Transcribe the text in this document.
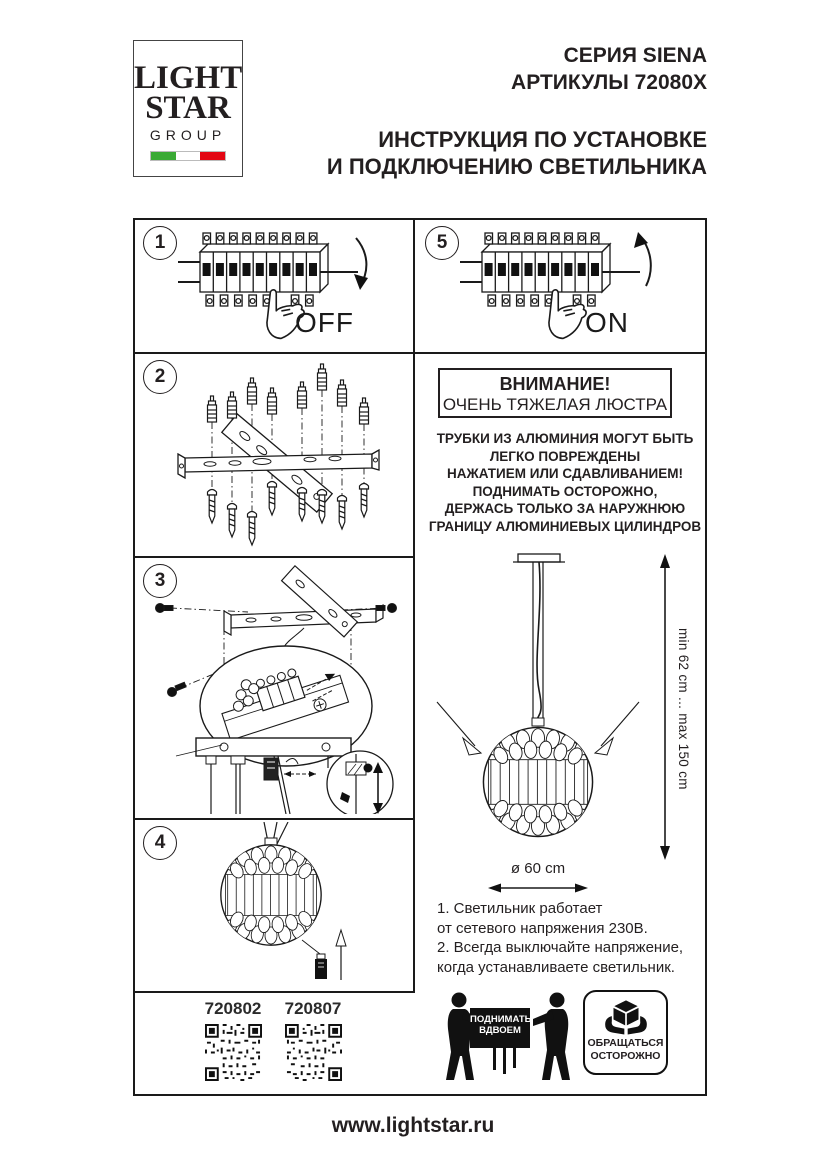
LIGHT
STAR
GROUP
СЕРИЯ SIENA
АРТИКУЛЫ 72080X
ИНСТРУКЦИЯ ПО УСТАНОВКЕ
И ПОДКЛЮЧЕНИЮ СВЕТИЛЬНИКА
1
2
3
4
5
OFF	ON
ВНИМАНИЕ!
ОЧЕНЬ ТЯЖЕЛАЯ ЛЮСТРА
ТРУБКИ ИЗ АЛЮМИНИЯ МОГУТ БЫТЬ
ЛЕГКО ПОВРЕЖДЕНЫ
НАЖАТИЕМ ИЛИ СДАВЛИВАНИЕМ!
ПОДНИМАТЬ ОСТОРОЖНО,
ДЕРЖАСЬ ТОЛЬКО ЗА НАРУЖНЮЮ
ГРАНИЦУ АЛЮМИНИЕВЫХ ЦИЛИНДРОВ
min 62 cm ... max 150 cm
ø 60 cm
1. Светильник работает
от сетевого напряжения 230В.
2. Всегда выключайте напряжение,
когда устанавливаете светильник.
720802 720807
ПОДНИМАТЬ
ВДВОЕМ
ОБРАЩАТЬСЯ
ОСТОРОЖНО
www.lightstar.ru
